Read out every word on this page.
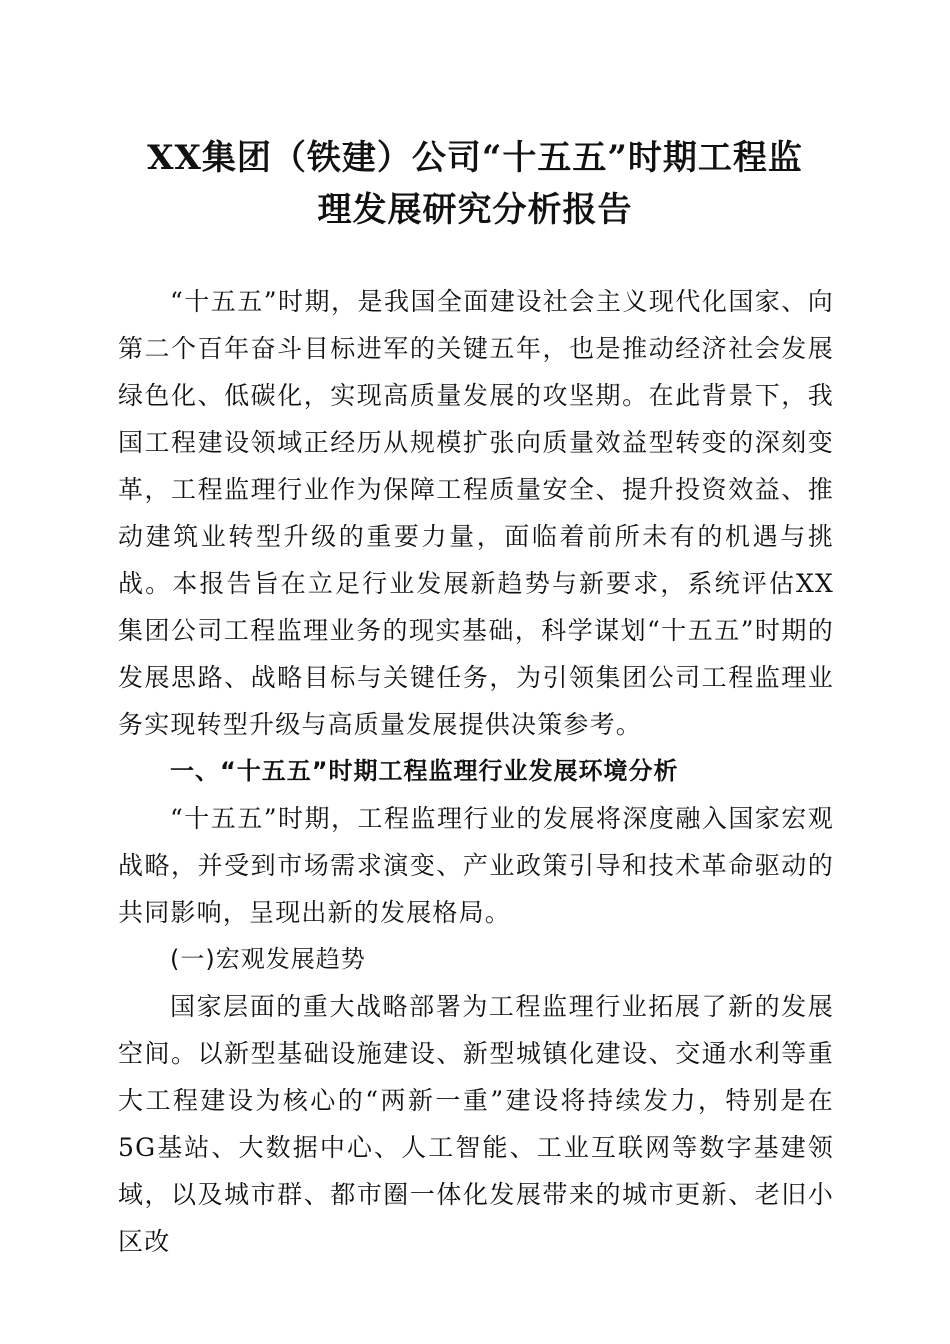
XX集团（铁建）公司“十五五”时期工程监
理发展研究分析报告

“十五五”时期，是我国全面建设社会主义现代化国家、向第二个百年奋斗目标进军的关键五年，也是推动经济社会发展绿色化、低碳化，实现高质量发展的攻坚期。在此背景下，我国工程建设领域正经历从规模扩张向质量效益型转变的深刻变革，工程监理行业作为保障工程质量安全、提升投资效益、推动建筑业转型升级的重要力量，面临着前所未有的机遇与挑战。本报告旨在立足行业发展新趋势与新要求，系统评估XX集团公司工程监理业务的现实基础，科学谋划“十五五”时期的发展思路、战略目标与关键任务，为引领集团公司工程监理业务实现转型升级与高质量发展提供决策参考。

一、“十五五”时期工程监理行业发展环境分析

“十五五”时期，工程监理行业的发展将深度融入国家宏观战略，并受到市场需求演变、产业政策引导和技术革命驱动的共同影响，呈现出新的发展格局。

(一)宏观发展趋势

国家层面的重大战略部署为工程监理行业拓展了新的发展空间。以新型基础设施建设、新型城镇化建设、交通水利等重大工程建设为核心的“两新一重”建设将持续发力，特别是在5G基站、大数据中心、人工智能、工业互联网等数字基建领域，以及城市群、都市圈一体化发展带来的城市更新、老旧小区改
